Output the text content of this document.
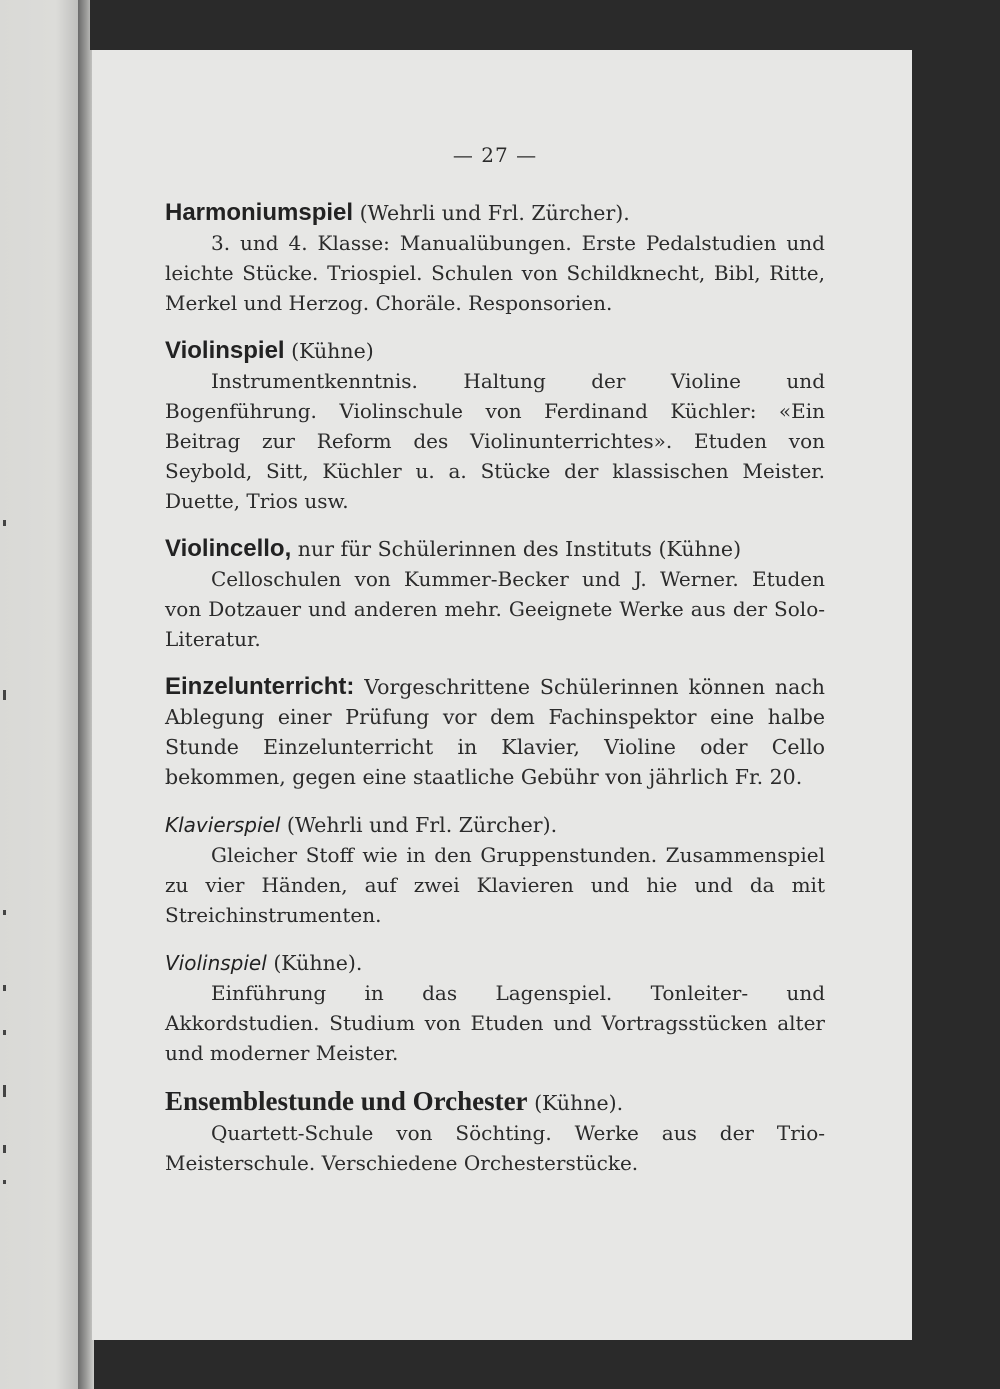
— 27 —

Harmoniumspiel (Wehrli und Frl. Zürcher).

3. und 4. Klasse: Manualübungen. Erste Pedalstudien und leichte Stücke. Triospiel. Schulen von Schildknecht, Bibl, Ritte, Merkel und Herzog. Choräle. Responsorien.

Violinspiel (Kühne)

Instrumentkenntnis. Haltung der Violine und Bogenführung. Violinschule von Ferdinand Küchler: «Ein Beitrag zur Reform des Violinunterrichtes». Etuden von Seybold, Sitt, Küchler u. a. Stücke der klassischen Meister. Duette, Trios usw.

Violincello, nur für Schülerinnen des Instituts (Kühne)

Celloschulen von Kummer-Becker und J. Werner. Etuden von Dotzauer und anderen mehr. Geeignete Werke aus der Solo-Literatur.

Einzelunterricht: Vorgeschrittene Schülerinnen können nach Ablegung einer Prüfung vor dem Fachinspektor eine halbe Stunde Einzelunterricht in Klavier, Violine oder Cello bekommen, gegen eine staatliche Gebühr von jährlich Fr. 20.

Klavierspiel (Wehrli und Frl. Zürcher).

Gleicher Stoff wie in den Gruppenstunden. Zusammenspiel zu vier Händen, auf zwei Klavieren und hie und da mit Streichinstrumenten.

Violinspiel (Kühne).

Einführung in das Lagenspiel. Tonleiter- und Akkordstudien. Studium von Etuden und Vortragsstücken alter und moderner Meister.

Ensemblestunde und Orchester (Kühne).

Quartett-Schule von Söchting. Werke aus der Trio-Meisterschule. Verschiedene Orchesterstücke.
